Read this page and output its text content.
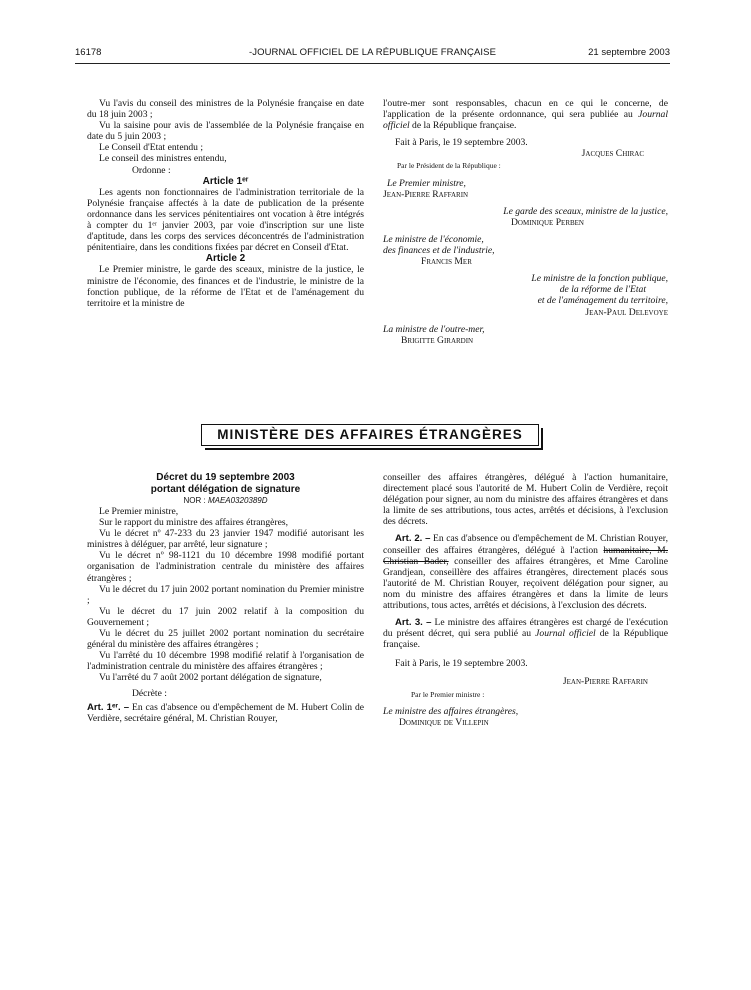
16178	-JOURNAL OFFICIEL DE LA RÉPUBLIQUE FRANÇAISE	21 septembre 2003

Vu l'avis du conseil des ministres de la Polynésie française en date du 18 juin 2003 ;

Vu la saisine pour avis de l'assemblée de la Polynésie française en date du 5 juin 2003 ;

Le Conseil d'Etat entendu ;

Le conseil des ministres entendu,

Ordonne :

Article 1ᵉʳ

Les agents non fonctionnaires de l'administration territoriale de la Polynésie française affectés à la date de publication de la présente ordonnance dans les services pénitentiaires ont vocation à être intégrés à compter du 1ᵉʳ janvier 2003, par voie d'inscription sur une liste d'aptitude, dans les corps des services déconcentrés de l'administration pénitentiaire, dans les conditions fixées par décret en Conseil d'Etat.

Article 2

Le Premier ministre, le garde des sceaux, ministre de la justice, le ministre de l'économie, des finances et de l'industrie, le ministre de la fonction publique, de la réforme de l'Etat et de l'aménagement du territoire et la ministre de

l'outre-mer sont responsables, chacun en ce qui le concerne, de l'application de la présente ordonnance, qui sera publiée au Journal officiel de la République française.

Fait à Paris, le 19 septembre 2003.

Jacques Chirac

Par le Président de la République :

Le Premier ministre,

Jean-Pierre Raffarin

Le garde des sceaux, ministre de la justice,

Dominique Perben

Le ministre de l'économie,

des finances et de l'industrie,

Francis Mer

Le ministre de la fonction publique,

de la réforme de l'Etat

et de l'aménagement du territoire,

Jean-Paul Delevoye

La ministre de l'outre-mer,

Brigitte Girardin

MINISTÈRE DES AFFAIRES ÉTRANGÈRES

Décret du 19 septembre 2003

portant délégation de signature

NOR : MAEA0320389D

Le Premier ministre,

Sur le rapport du ministre des affaires étrangères,

Vu le décret nº 47-233 du 23 janvier 1947 modifié autorisant les ministres à déléguer, par arrêté, leur signature ;

Vu le décret nº 98-1121 du 10 décembre 1998 modifié portant organisation de l'administration centrale du ministère des affaires étrangères ;

Vu le décret du 17 juin 2002 portant nomination du Premier ministre ;

Vu le décret du 17 juin 2002 relatif à la composition du Gouvernement ;

Vu le décret du 25 juillet 2002 portant nomination du secrétaire général du ministère des affaires étrangères ;

Vu l'arrêté du 10 décembre 1998 modifié relatif à l'organisation de l'administration centrale du ministère des affaires étrangères ;

Vu l'arrêté du 7 août 2002 portant délégation de signature,

Décrète :

Art. 1ᵉʳ. – En cas d'absence ou d'empêchement de M. Hubert Colin de Verdière, secrétaire général, M. Christian Rouyer,

conseiller des affaires étrangères, délégué à l'action humanitaire, directement placé sous l'autorité de M. Hubert Colin de Verdière, reçoit délégation pour signer, au nom du ministre des affaires étrangères et dans la limite de ses attributions, tous actes, arrêtés et décisions, à l'exclusion des décrets.

Art. 2. – En cas d'absence ou d'empêchement de M. Christian Rouyer, conseiller des affaires étrangères, délégué à l'action humanitaire, M. Christian Bader, conseiller des affaires étrangères, et Mme Caroline Grandjean, conseillère des affaires étrangères, directement placés sous l'autorité de M. Christian Rouyer, reçoivent délégation pour signer, au nom du ministre des affaires étrangères et dans la limite de leurs attributions, tous actes, arrêtés et décisions, à l'exclusion des décrets.

Art. 3. – Le ministre des affaires étrangères est chargé de l'exécution du présent décret, qui sera publié au Journal officiel de la République française.

Fait à Paris, le 19 septembre 2003.

Jean-Pierre Raffarin

Par le Premier ministre :

Le ministre des affaires étrangères,

Dominique de Villepin
